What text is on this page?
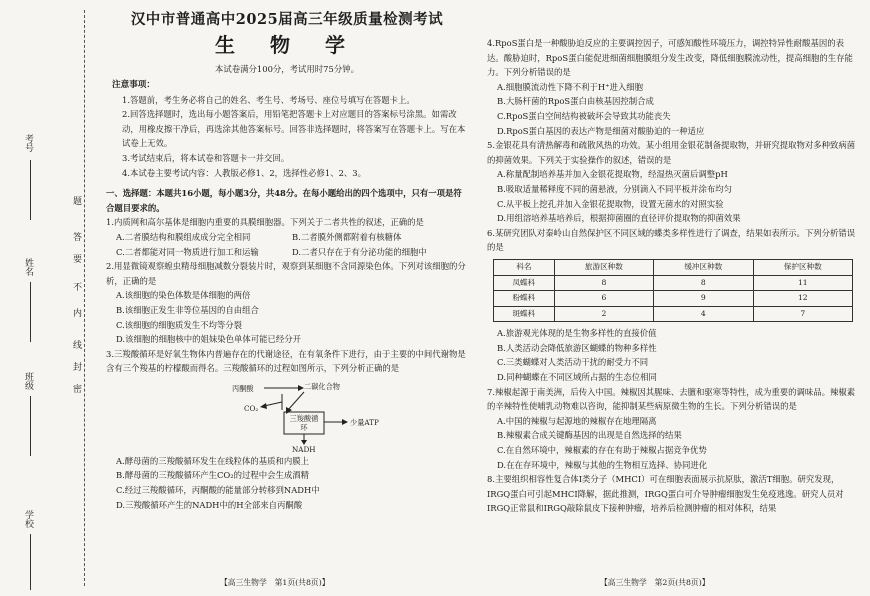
考号
姓名
班级
学校
题
答
要
不
内
线
封
密
汉中市普通高中2025届高三年级质量检测考试
生 物 学
本试卷满分100分，考试用时75分钟。
注意事项：
1.答题前，考生务必将自己的姓名、考生号、考场号、座位号填写在答题卡上。
2.回答选择题时，选出每小题答案后，用铅笔把答题卡上对应题目的答案标号涂黑。如需改动，用橡皮擦干净后，再选涂其他答案标号。回答非选择题时，将答案写在答题卡上。写在本试卷上无效。
3.考试结束后，将本试卷和答题卡一并交回。
4.本试卷主要考试内容：人教版必修1、2，选择性必修1、2、3。
一、选择题：本题共16小题，每小题3分，共48分。在每小题给出的四个选项中，只有一项是符合题目要求的。
1.内质网和高尔基体是细胞内重要的具膜细胞器。下列关于二者共性的叙述，正确的是
A.二者膜结构和膜组成成分完全相同	B.二者膜外侧都附着有核糖体
C.二者都能对同一物质进行加工和运输	D.二者只存在于有分泌功能的细胞中
2.用显微镜观察蝗虫精母细胞减数分裂装片时，观察到某细胞不含同源染色体。下列对该细胞的分析，正确的是
A.该细胞的染色体数是体细胞的两倍
B.该细胞正发生非等位基因的自由组合
C.该细胞的细胞质发生不均等分裂
D.该细胞的细胞核中的姐妹染色单体可能已经分开
3.三羧酸循环是好氧生物体内普遍存在的代谢途径，在有氧条件下进行，由于主要的中间代谢物是含有三个羧基的柠檬酸而得名。三羧酸循环的过程如图所示，下列分析正确的是
丙酮酸	二碳化合物
CO₂
三羧酸循环
少量ATP
NADH
A.酵母菌的三羧酸循环发生在线粒体的基质和内膜上
B.酵母菌的三羧酸循环产生CO₂的过程中会生成酒精
C.经过三羧酸循环，丙酮酸的能量部分转移到NADH中
D.三羧酸循环产生的NADH中的H全部来自丙酮酸
4.RpoS蛋白是一种酸胁迫反应的主要调控因子，可感知酸性环境压力，调控特异性耐酸基因的表达。酸胁迫时，RpoS蛋白能促进细菌细胞膜组分发生改变，降低细胞膜流动性，提高细胞的生存能力。下列分析错误的是
A.细胞膜流动性下降不利于H⁺进入细胞
B.大肠杆菌的RpoS蛋白由核基因控制合成
C.RpoS蛋白空间结构被破坏会导致其功能丧失
D.RpoS蛋白基因的表达产物是细菌对酸胁迫的一种适应
5.金银花具有清热解毒和疏散风热的功效。某小组用金银花制备提取物，并研究提取物对多种致病菌的抑菌效果。下列关于实验操作的叙述，错误的是
A.称量配制培养基并加入金银花提取物，经湿热灭菌后调整pH
B.吸取适量稀释度不同的菌悬液，分别滴入不同平板并涂布均匀
C.从平板上挖孔并加入金银花提取物，设置无菌水的对照实验
D.用组溶培养基培养后，根据抑菌圈的直径评价提取物的抑菌效果
6.某研究团队对秦岭山自然保护区不同区域的蝶类多样性进行了调查，结果如表所示。下列分析错误的是
科名	旅游区种数	缓冲区种数	保护区种数
凤蝶科	8	8	11
粉蝶科	6	9	12
斑蝶科	2	4	7
A.旅游观光体现的是生物多样性的直接价值
B.人类活动会降低旅游区蝴蝶的物种多样性
C.三类蝴蝶对人类活动干扰的耐受力不同
D.同种蝴蝶在不同区域所占据的生态位相同
7.辣椒起源于南美洲，后传入中国。辣椒因其腥味、去膻和驱寒等特性，成为重要的调味品。辣椒素的辛辣特性使哺乳动物难以咨询，能抑制某些病原微生物的生长。下列分析错误的是
A.中国的辣椒与起源地的辣椒存在地理隔离
B.辣椒素合成关键酶基因的出现是自然选择的结果
C.在自然环境中，辣椒素的存在有助于辣椒占据竞争优势
D.在在存环境中，辣椒与其他的生物相互选择、协同进化
8.主要组织相容性复合体Ⅰ类分子（MHCⅠ）可在细胞表面展示抗原肽，激活T细胞。研究发现，IRGQ蛋白可引起MHCⅠ降解，据此推测，IRGQ蛋白可介导肿瘤细胞发生免疫逃逸。研究人员对IRGQ正常鼠和IRGQ敲除鼠皮下接种肿瘤，培养后检测肿瘤的相对体积，结果
【高三生物学　第1页(共8页)】	【高三生物学　第2页(共8页)】
